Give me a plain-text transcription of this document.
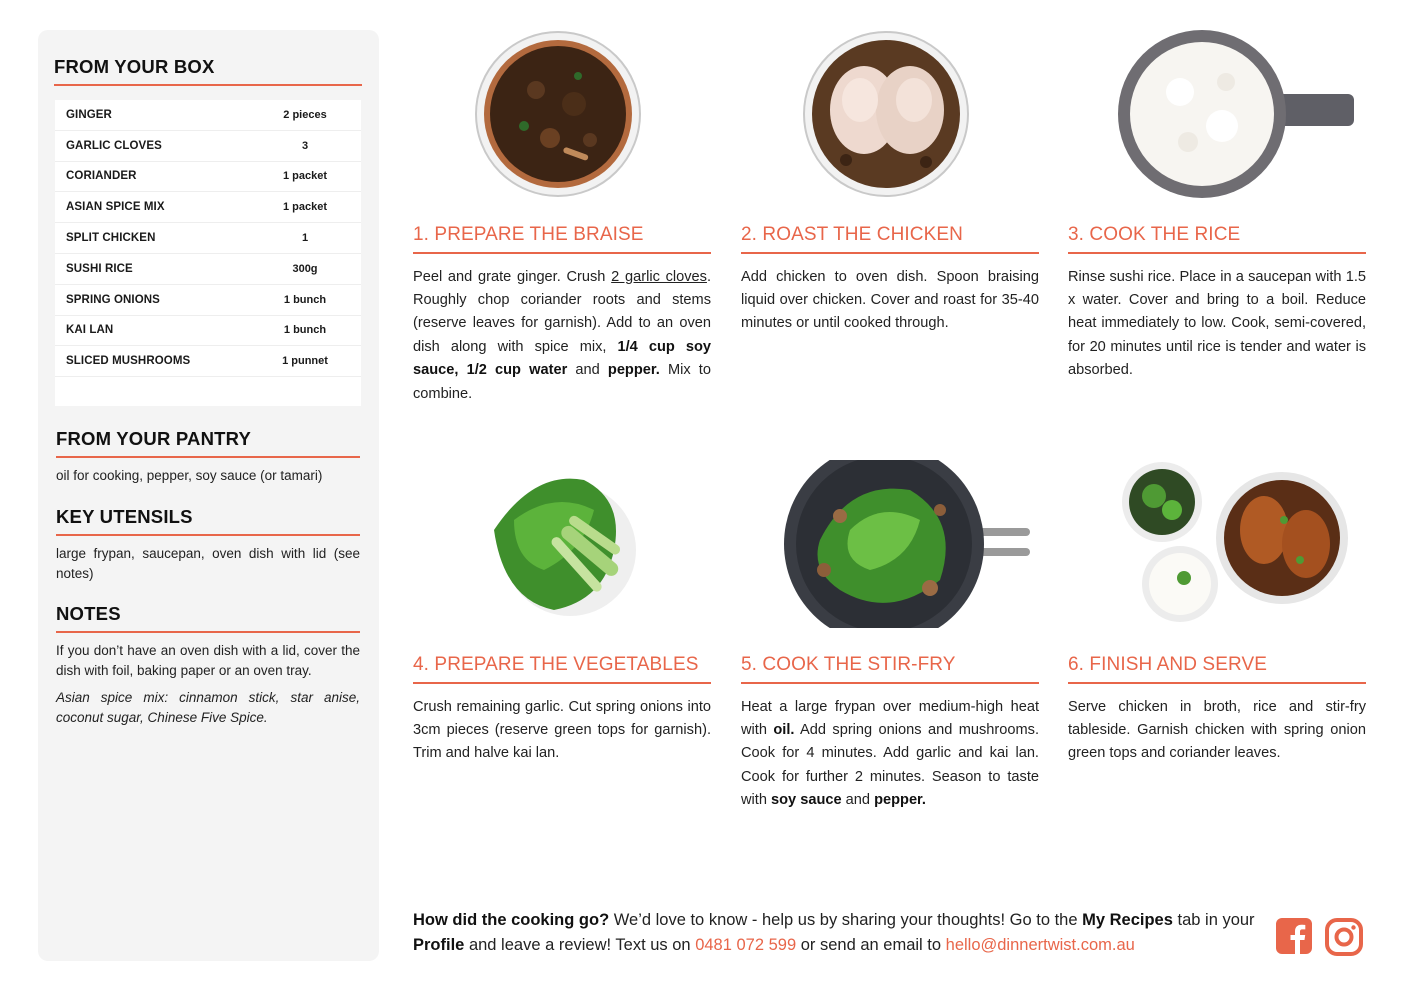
FROM YOUR BOX
GINGER	2 pieces
GARLIC CLOVES	3
CORIANDER	1 packet
ASIAN SPICE MIX	1 packet
SPLIT CHICKEN	1
SUSHI RICE	300g
SPRING ONIONS	1 bunch
KAI LAN	1 bunch
SLICED MUSHROOMS	1 punnet
FROM YOUR PANTRY
oil for cooking, pepper, soy sauce (or tamari)
KEY UTENSILS
large frypan, saucepan, oven dish with lid (see notes)
NOTES
If you don’t have an oven dish with a lid, cover the dish with foil, baking paper or an oven tray.
Asian spice mix: cinnamon stick, star anise, coconut sugar, Chinese Five Spice.
1. PREPARE THE BRAISE
Peel and grate ginger. Crush 2 garlic cloves. Roughly chop coriander roots and stems (reserve leaves for garnish). Add to an oven dish along with spice mix, 1/4 cup soy sauce, 1/2 cup water and pepper. Mix to combine.
2. ROAST THE CHICKEN
Add chicken to oven dish. Spoon braising liquid over chicken. Cover and roast for 35-40 minutes or until cooked through.
3. COOK THE RICE
Rinse sushi rice. Place in a saucepan with 1.5 x water. Cover and bring to a boil. Reduce heat immediately to low. Cook, semi-covered, for 20 minutes until rice is tender and water is absorbed.
4. PREPARE THE VEGETABLES
Crush remaining garlic. Cut spring onions into 3cm pieces (reserve green tops for garnish). Trim and halve kai lan.
5. COOK THE STIR-FRY
Heat a large frypan over medium-high heat with oil. Add spring onions and mushrooms. Cook for 4 minutes. Add garlic and kai lan. Cook for further 2 minutes. Season to taste with soy sauce and pepper.
6. FINISH AND SERVE
Serve chicken in broth, rice and stir-fry tableside. Garnish chicken with spring onion green tops and coriander leaves.
How did the cooking go? We’d love to know - help us by sharing your thoughts! Go to the My Recipes tab in your Profile and leave a review! Text us on 0481 072 599 or send an email to hello@dinnertwist.com.au
